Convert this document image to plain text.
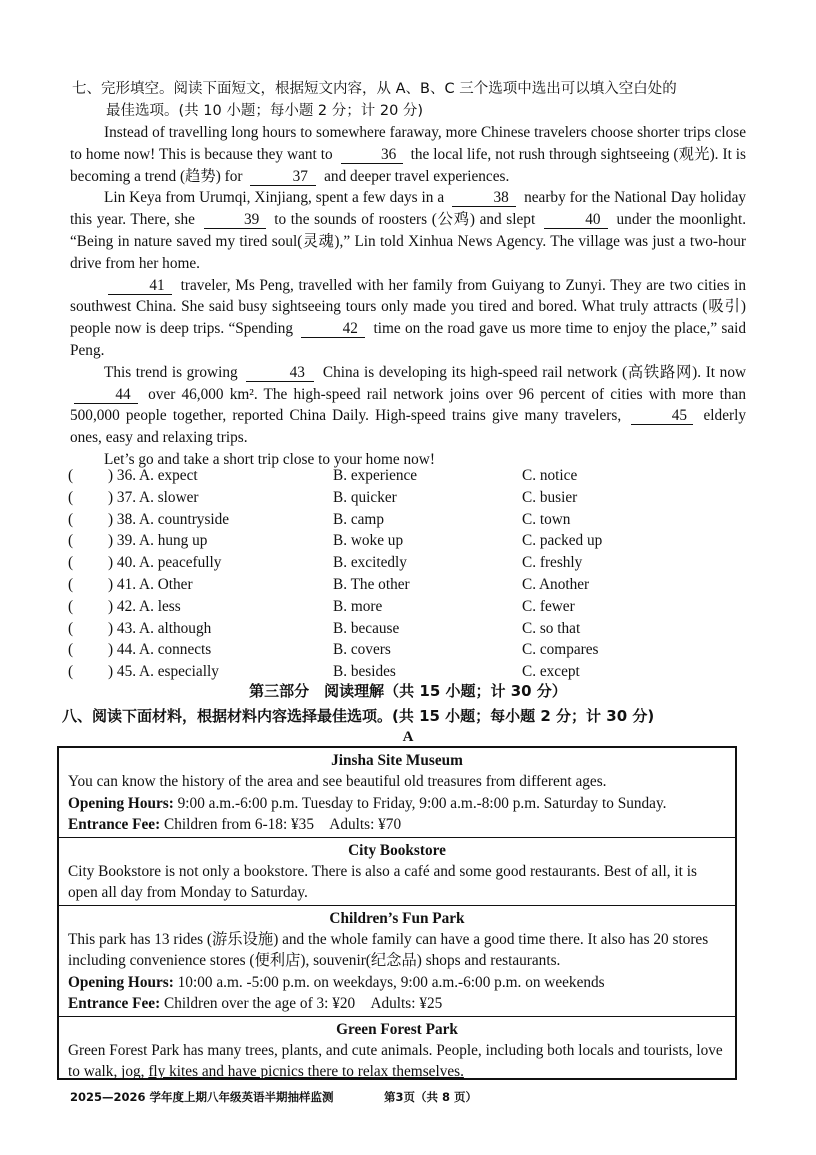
七、完形填空。阅读下面短文，根据短文内容，从 A、B、C 三个选项中选出可以填入空白处的
最佳选项。(共 10 小题；每小题 2 分；计 20 分)

Instead of travelling long hours to somewhere faraway, more Chinese travelers choose shorter trips close to home now! This is because they want to	36 the local life, not rush through sightseeing (观光). It is becoming a trend (趋势) for	37 and deeper travel experiences.

Lin Keya from Urumqi, Xinjiang, spent a few days in a	38 nearby for the National Day holiday this year. There, she	39 to the sounds of roosters (公鸡) and slept	40 under the moonlight. “Being in nature saved my tired soul(灵魂),” Lin told Xinhua News Agency. The village was just a two-hour drive from her home.

41 traveler, Ms Peng, travelled with her family from Guiyang to Zunyi. They are two cities in southwest China. She said busy sightseeing tours only made you tired and bored. What truly attracts (吸引) people now is deep trips. “Spending	42 time on the road gave us more time to enjoy the place,” said Peng.

This trend is growing	43 China is developing its high-speed rail network (高铁路网). It now 44 over 46,000 km². The high-speed rail network joins over 96 percent of cities with more than 500,000 people together, reported China Daily. High-speed trains give many travelers,	45 elderly ones, easy and relaxing trips.

Let’s go and take a short trip close to your home now!

( ) 36. A. expect	B. experience	C. notice
( ) 37. A. slower	B. quicker	C. busier
( ) 38. A. countryside	B. camp	C. town
( ) 39. A. hung up	B. woke up	C. packed up
( ) 40. A. peacefully	B. excitedly	C. freshly
( ) 41. A. Other	B. The other	C. Another
( ) 42. A. less	B. more	C. fewer
( ) 43. A. although	B. because	C. so that
( ) 44. A. connects	B. covers	C. compares
( ) 45. A. especially	B. besides	C. except
第三部分　阅读理解（共 15 小题；计 30 分）
八、阅读下面材料，根据材料内容选择最佳选项。(共 15 小题；每小题 2 分；计 30 分)
A
Jinsha Site Museum
You can know the history of the area and see beautiful old treasures from different ages.
Opening Hours: 9:00 a.m.-6:00 p.m. Tuesday to Friday, 9:00 a.m.-8:00 p.m. Saturday to Sunday.
Entrance Fee: Children from 6-18: ¥35　Adults: ¥70
City Bookstore
City Bookstore is not only a bookstore. There is also a café and some good restaurants. Best of all, it is open all day from Monday to Saturday.
Children’s Fun Park
This park has 13 rides (游乐设施) and the whole family can have a good time there. It also has 20 stores including convenience stores (便利店), souvenir(纪念品) shops and restaurants.
Opening Hours: 10:00 a.m. -5:00 p.m. on weekdays, 9:00 a.m.-6:00 p.m. on weekends
Entrance Fee: Children over the age of 3: ¥20　Adults: ¥25
Green Forest Park
Green Forest Park has many trees, plants, and cute animals. People, including both locals and tourists, love to walk, jog, fly kites and have picnics there to relax themselves.
2025—2026 学年度上期八年级英语半期抽样监测	第3页（共 8 页）
